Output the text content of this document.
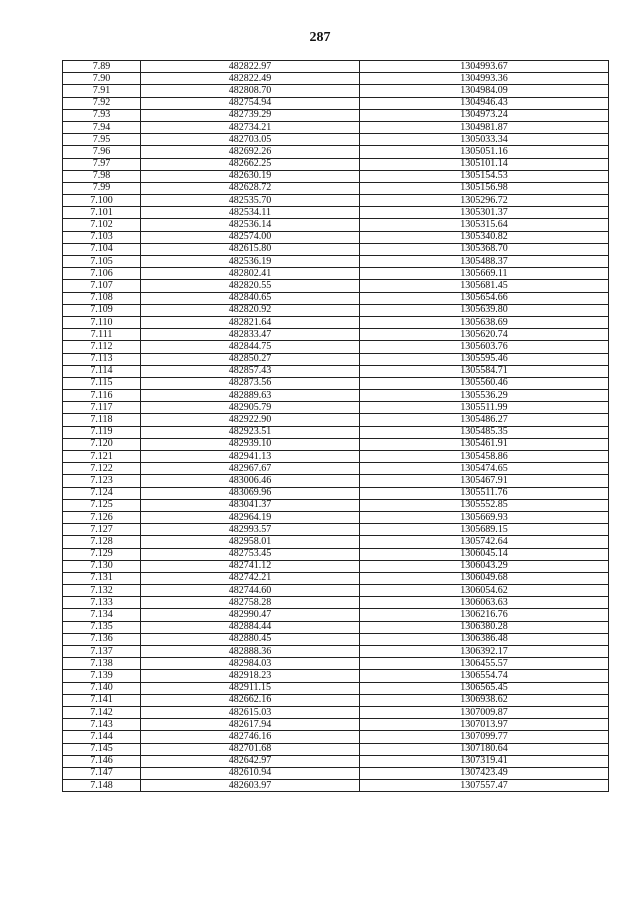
287
7.89	482822.97	1304993.67
7.90	482822.49	1304993.36
7.91	482808.70	1304984.09
7.92	482754.94	1304946.43
7.93	482739.29	1304973.24
7.94	482734.21	1304981.87
7.95	482703.05	1305033.34
7.96	482692.26	1305051.16
7.97	482662.25	1305101.14
7.98	482630.19	1305154.53
7.99	482628.72	1305156.98
7.100	482535.70	1305296.72
7.101	482534.11	1305301.37
7.102	482536.14	1305315.64
7.103	482574.00	1305340.82
7.104	482615.80	1305368.70
7.105	482536.19	1305488.37
7.106	482802.41	1305669.11
7.107	482820.55	1305681.45
7.108	482840.65	1305654.66
7.109	482820.92	1305639.80
7.110	482821.64	1305638.69
7.111	482833.47	1305620.74
7.112	482844.75	1305603.76
7.113	482850.27	1305595.46
7.114	482857.43	1305584.71
7.115	482873.56	1305560.46
7.116	482889.63	1305536.29
7.117	482905.79	1305511.99
7.118	482922.90	1305486.27
7.119	482923.51	1305485.35
7.120	482939.10	1305461.91
7.121	482941.13	1305458.86
7.122	482967.67	1305474.65
7.123	483006.46	1305467.91
7.124	483069.96	1305511.76
7.125	483041.37	1305552.85
7.126	482964.19	1305669.93
7.127	482993.57	1305689.15
7.128	482958.01	1305742.64
7.129	482753.45	1306045.14
7.130	482741.12	1306043.29
7.131	482742.21	1306049.68
7.132	482744.60	1306054.62
7.133	482758.28	1306063.63
7.134	482990.47	1306216.76
7.135	482884.44	1306380.28
7.136	482880.45	1306386.48
7.137	482888.36	1306392.17
7.138	482984.03	1306455.57
7.139	482918.23	1306554.74
7.140	482911.15	1306565.45
7.141	482662.16	1306938.62
7.142	482615.03	1307009.87
7.143	482617.94	1307013.97
7.144	482746.16	1307099.77
7.145	482701.68	1307180.64
7.146	482642.97	1307319.41
7.147	482610.94	1307423.49
7.148	482603.97	1307557.47
